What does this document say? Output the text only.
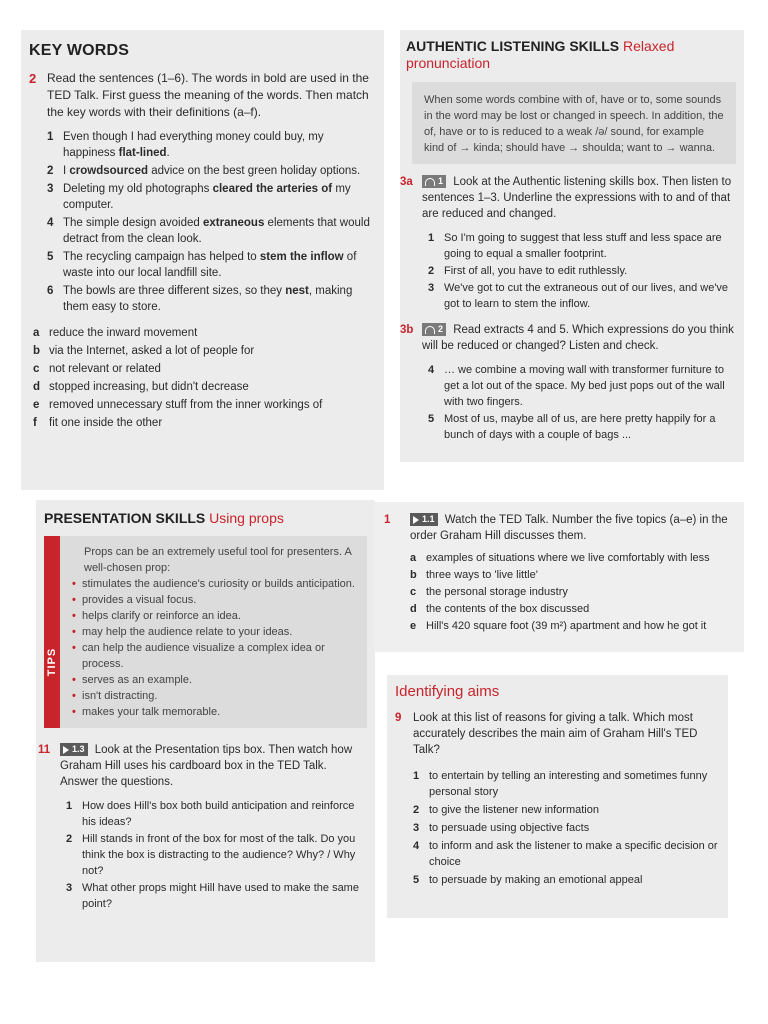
KEY WORDS
2 Read the sentences (1–6). The words in bold are used in the TED Talk. First guess the meaning of the words. Then match the key words with their definitions (a–f).
1 Even though I had everything money could buy, my happiness flat-lined.
2 I crowdsourced advice on the best green holiday options.
3 Deleting my old photographs cleared the arteries of my computer.
4 The simple design avoided extraneous elements that would detract from the clean look.
5 The recycling campaign has helped to stem the inflow of waste into our local landfill site.
6 The bowls are three different sizes, so they nest, making them easy to store.
a reduce the inward movement
b via the Internet, asked a lot of people for
c not relevant or related
d stopped increasing, but didn't decrease
e removed unnecessary stuff from the inner workings of
f	fit one inside the other
AUTHENTIC LISTENING SKILLS Relaxed pronunciation
When some words combine with of, have or to, some sounds in the word may be lost or changed in speech. In addition, the of, have or to is reduced to a weak /ə/ sound, for example kind of → kinda; should have → shoulda; want to → wanna.
3a	1 Look at the Authentic listening skills box. Then listen to sentences 1–3. Underline the expressions with to and of that are reduced and changed.
1 So I'm going to suggest that less stuff and less space are going to equal a smaller footprint.
2 First of all, you have to edit ruthlessly.
3 We've got to cut the extraneous out of our lives, and we've got to learn to stem the inflow.
3b	2 Read extracts 4 and 5. Which expressions do you think will be reduced or changed? Listen and check.
4 … we combine a moving wall with transformer furniture to get a lot out of the space. My bed just pops out of the wall with two fingers.
5 Most of us, maybe all of us, are here pretty happily for a bunch of days with a couple of bags ...
PRESENTATION SKILLS Using props
TIPS
Props can be an extremely useful tool for presenters. A well-chosen prop:
• stimulates the audience's curiosity or builds anticipation.
• provides a visual focus.
• helps clarify or reinforce an idea.
• may help the audience relate to your ideas.
• can help the audience visualize a complex idea or process.
• serves as an example.
• isn't distracting.
• makes your talk memorable.
11	1.3 Look at the Presentation tips box. Then watch how Graham Hill uses his cardboard box in the TED Talk. Answer the questions.
1 How does Hill's box both build anticipation and reinforce his ideas?
2 Hill stands in front of the box for most of the talk. Do you think the box is distracting to the audience? Why? / Why not?
3 What other props might Hill have used to make the same point?
1	1.1 Watch the TED Talk. Number the five topics (a–e) in the order Graham Hill discusses them.
a examples of situations where we live comfortably with less
b three ways to 'live little'
c the personal storage industry
d the contents of the box discussed
e Hill's 420 square foot (39 m²) apartment and how he got it
Identifying aims
9	Look at this list of reasons for giving a talk. Which most accurately describes the main aim of Graham Hill's TED Talk?
1 to entertain by telling an interesting and sometimes funny personal story
2 to give the listener new information
3 to persuade using objective facts
4 to inform and ask the listener to make a specific decision or choice
5 to persuade by making an emotional appeal
